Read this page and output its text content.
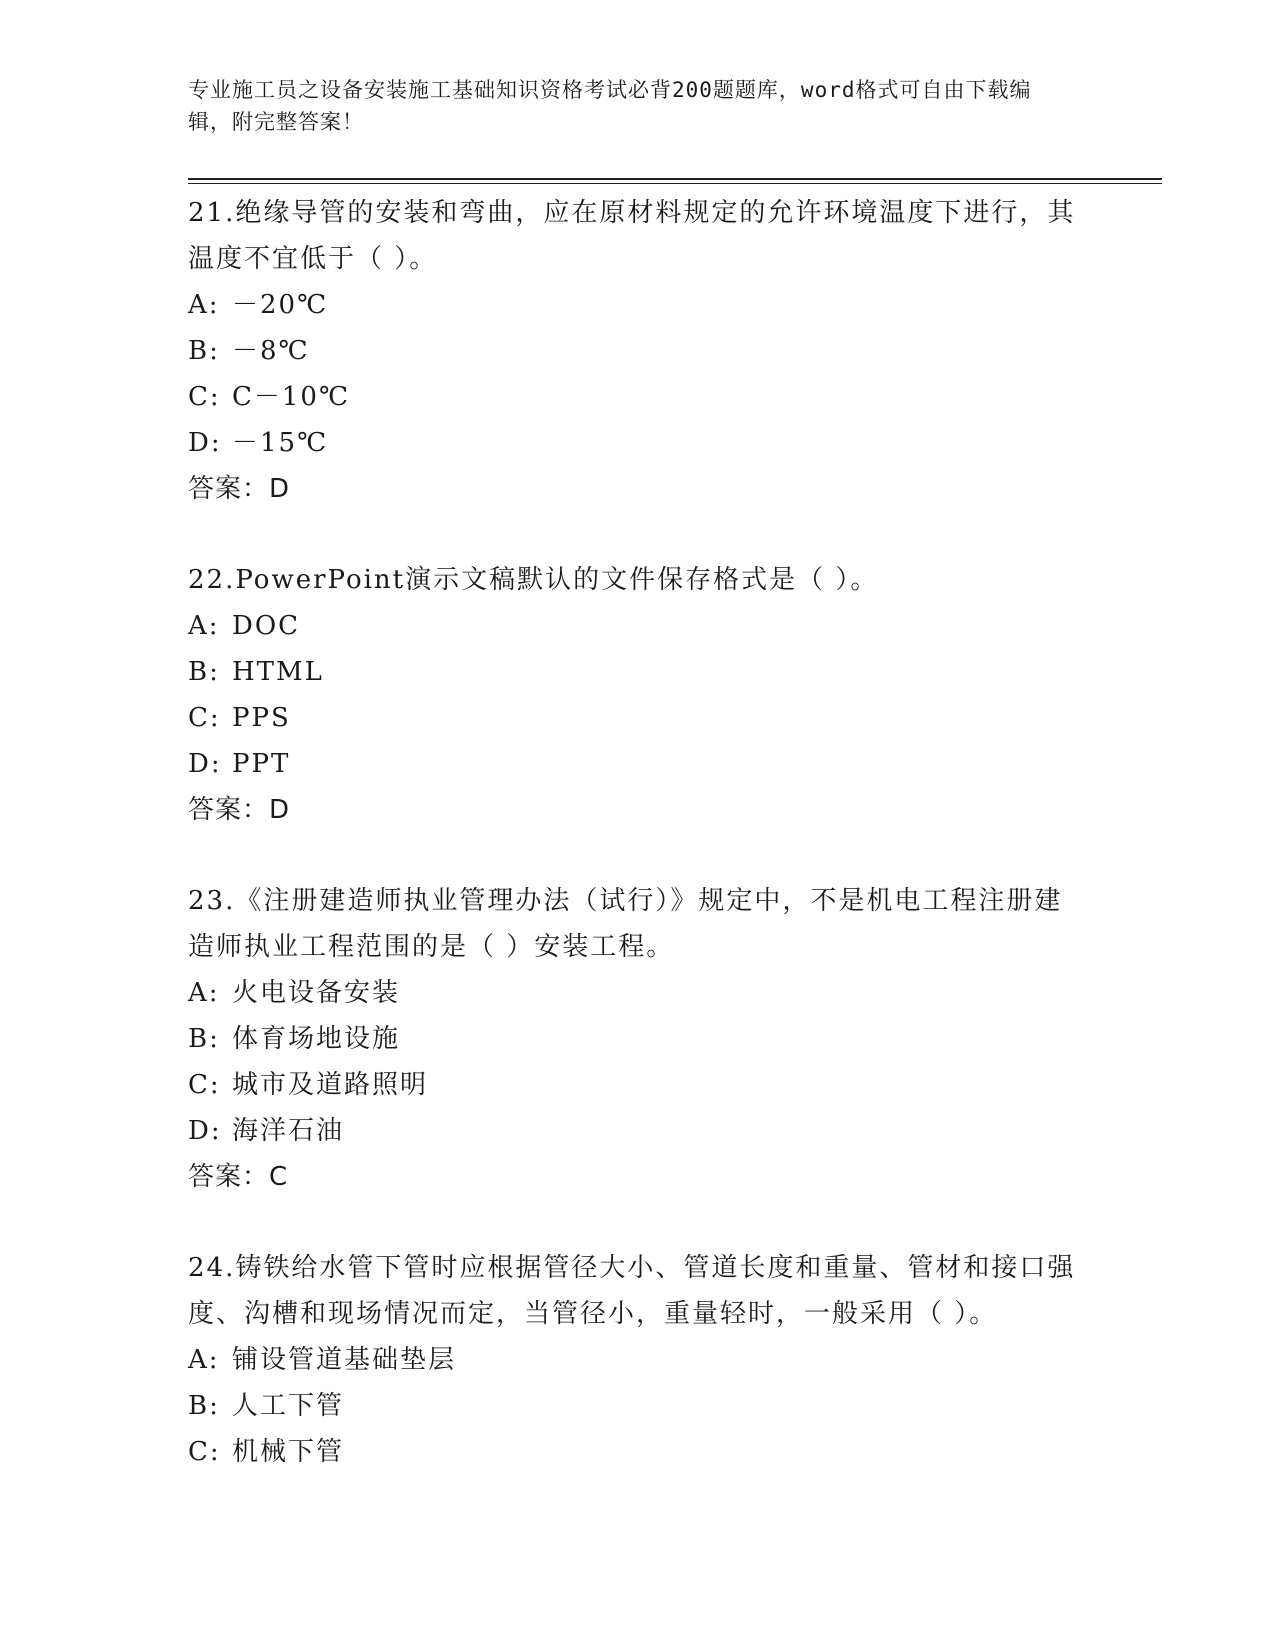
专业施工员之设备安装施工基础知识资格考试必背200题题库，word格式可自由下载编辑，附完整答案！
21.绝缘导管的安装和弯曲，应在原材料规定的允许环境温度下进行，其温度不宜低于（ ）。
A: －20℃
B: －8℃
C: C－10℃
D: －15℃
答案：D
22.PowerPoint演示文稿默认的文件保存格式是（ ）。
A: DOC
B: HTML
C: PPS
D: PPT
答案：D
23.《注册建造师执业管理办法（试行）》规定中，不是机电工程注册建造师执业工程范围的是（ ）安装工程。
A: 火电设备安装
B: 体育场地设施
C: 城市及道路照明
D: 海洋石油
答案：C
24.铸铁给水管下管时应根据管径大小、管道长度和重量、管材和接口强度、沟槽和现场情况而定，当管径小，重量轻时，一般采用（ ）。
A: 铺设管道基础垫层
B: 人工下管
C: 机械下管
